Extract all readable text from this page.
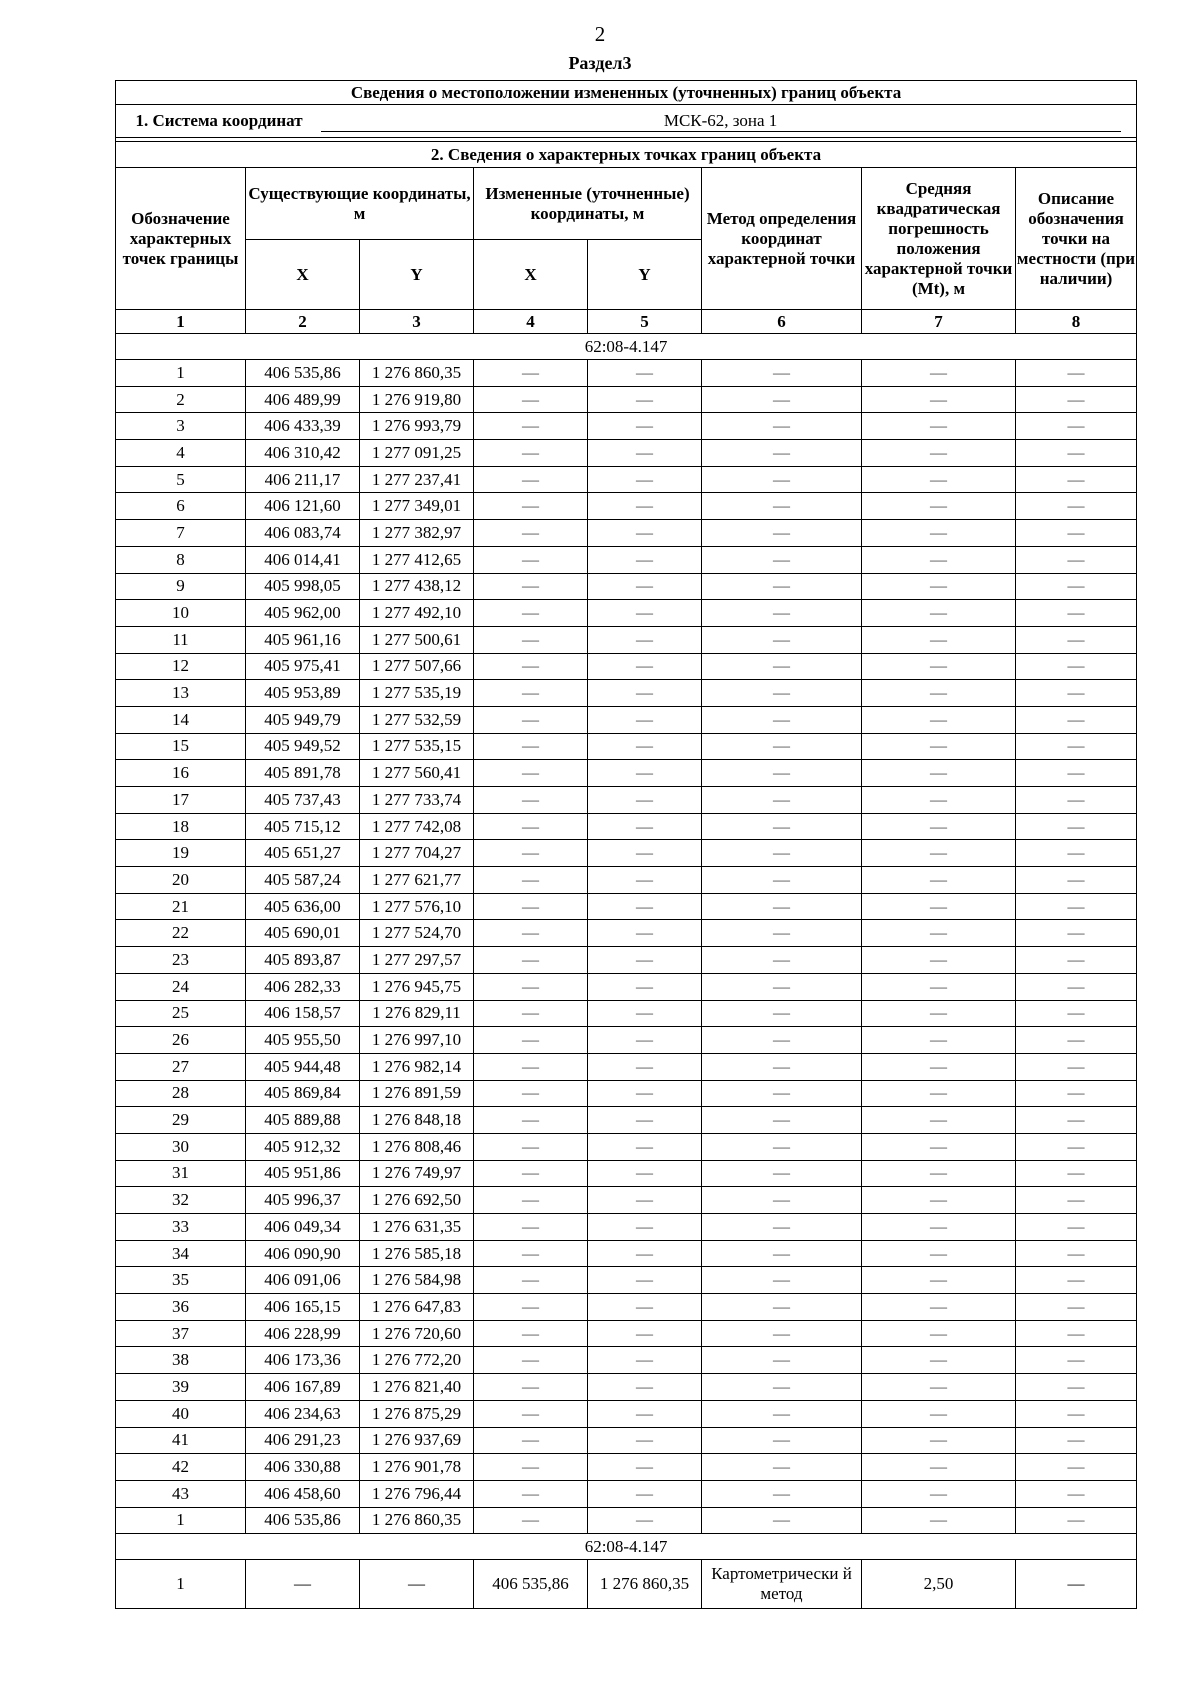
2
Раздел3
Сведения о местоположении измененных (уточненных) границ объекта							
1. Система координат МСК-62, зона 1							

2. Сведения о характерных точках границ объекта							
Обозначение характерных точек границы	Существующие координаты, м		Измененные (уточненные) координаты, м		Метод определения координат характерной точки	Средняя квадратическая погрешность положения характерной точки (Mt), м	Описание обозначения точки на местности (при наличии)
	X	Y	X	Y			
1	2	3	4	5	6	7	8
62:08-4.147							
1	406 535,86	1 276 860,35	—	—	—	—	—
2	406 489,99	1 276 919,80	—	—	—	—	—
3	406 433,39	1 276 993,79	—	—	—	—	—
4	406 310,42	1 277 091,25	—	—	—	—	—
5	406 211,17	1 277 237,41	—	—	—	—	—
6	406 121,60	1 277 349,01	—	—	—	—	—
7	406 083,74	1 277 382,97	—	—	—	—	—
8	406 014,41	1 277 412,65	—	—	—	—	—
9	405 998,05	1 277 438,12	—	—	—	—	—
10	405 962,00	1 277 492,10	—	—	—	—	—
11	405 961,16	1 277 500,61	—	—	—	—	—
12	405 975,41	1 277 507,66	—	—	—	—	—
13	405 953,89	1 277 535,19	—	—	—	—	—
14	405 949,79	1 277 532,59	—	—	—	—	—
15	405 949,52	1 277 535,15	—	—	—	—	—
16	405 891,78	1 277 560,41	—	—	—	—	—
17	405 737,43	1 277 733,74	—	—	—	—	—
18	405 715,12	1 277 742,08	—	—	—	—	—
19	405 651,27	1 277 704,27	—	—	—	—	—
20	405 587,24	1 277 621,77	—	—	—	—	—
21	405 636,00	1 277 576,10	—	—	—	—	—
22	405 690,01	1 277 524,70	—	—	—	—	—
23	405 893,87	1 277 297,57	—	—	—	—	—
24	406 282,33	1 276 945,75	—	—	—	—	—
25	406 158,57	1 276 829,11	—	—	—	—	—
26	405 955,50	1 276 997,10	—	—	—	—	—
27	405 944,48	1 276 982,14	—	—	—	—	—
28	405 869,84	1 276 891,59	—	—	—	—	—
29	405 889,88	1 276 848,18	—	—	—	—	—
30	405 912,32	1 276 808,46	—	—	—	—	—
31	405 951,86	1 276 749,97	—	—	—	—	—
32	405 996,37	1 276 692,50	—	—	—	—	—
33	406 049,34	1 276 631,35	—	—	—	—	—
34	406 090,90	1 276 585,18	—	—	—	—	—
35	406 091,06	1 276 584,98	—	—	—	—	—
36	406 165,15	1 276 647,83	—	—	—	—	—
37	406 228,99	1 276 720,60	—	—	—	—	—
38	406 173,36	1 276 772,20	—	—	—	—	—
39	406 167,89	1 276 821,40	—	—	—	—	—
40	406 234,63	1 276 875,29	—	—	—	—	—
41	406 291,23	1 276 937,69	—	—	—	—	—
42	406 330,88	1 276 901,78	—	—	—	—	—
43	406 458,60	1 276 796,44	—	—	—	—	—
1	406 535,86	1 276 860,35	—	—	—	—	—
62:08-4.147							
1	—	—	406 535,86	1 276 860,35	Картометрически й метод	2,50	—
